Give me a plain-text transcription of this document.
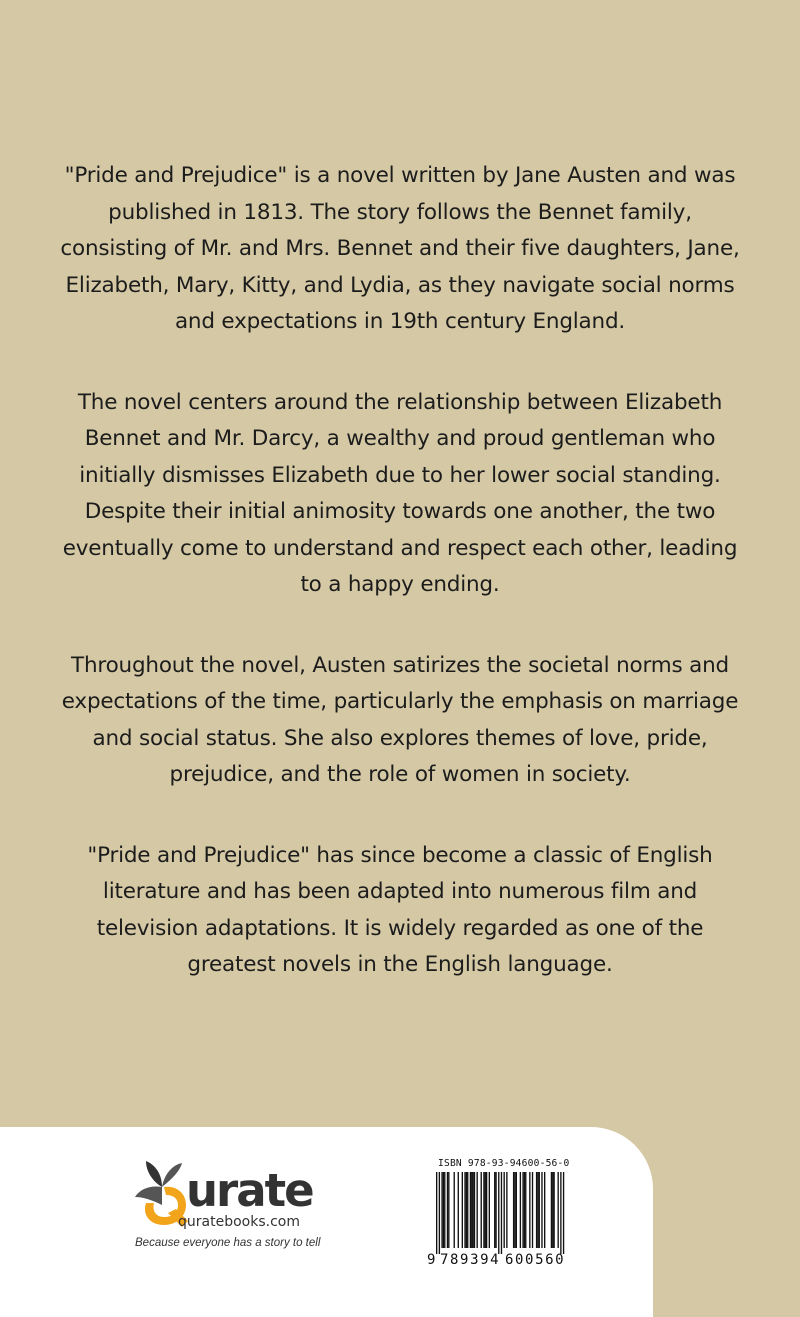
"Pride and Prejudice" is a novel written by Jane Austen and was published in 1813. The story follows the Bennet family, consisting of Mr. and Mrs. Bennet and their five daughters, Jane, Elizabeth, Mary, Kitty, and Lydia, as they navigate social norms and expectations in 19th century England.

The novel centers around the relationship between Elizabeth Bennet and Mr. Darcy, a wealthy and proud gentleman who initially dismisses Elizabeth due to her lower social standing. Despite their initial animosity towards one another, the two eventually come to understand and respect each other, leading to a happy ending.

Throughout the novel, Austen satirizes the societal norms and expectations of the time, particularly the emphasis on marriage and social status. She also explores themes of love, pride, prejudice, and the role of women in society.

"Pride and Prejudice" has since become a classic of English literature and has been adapted into numerous film and television adaptations. It is widely regarded as one of the greatest novels in the English language.

urate
quratebooks.com
Because everyone has a story to tell
ISBN 978-93-94600-56-0
9 789394 600560
